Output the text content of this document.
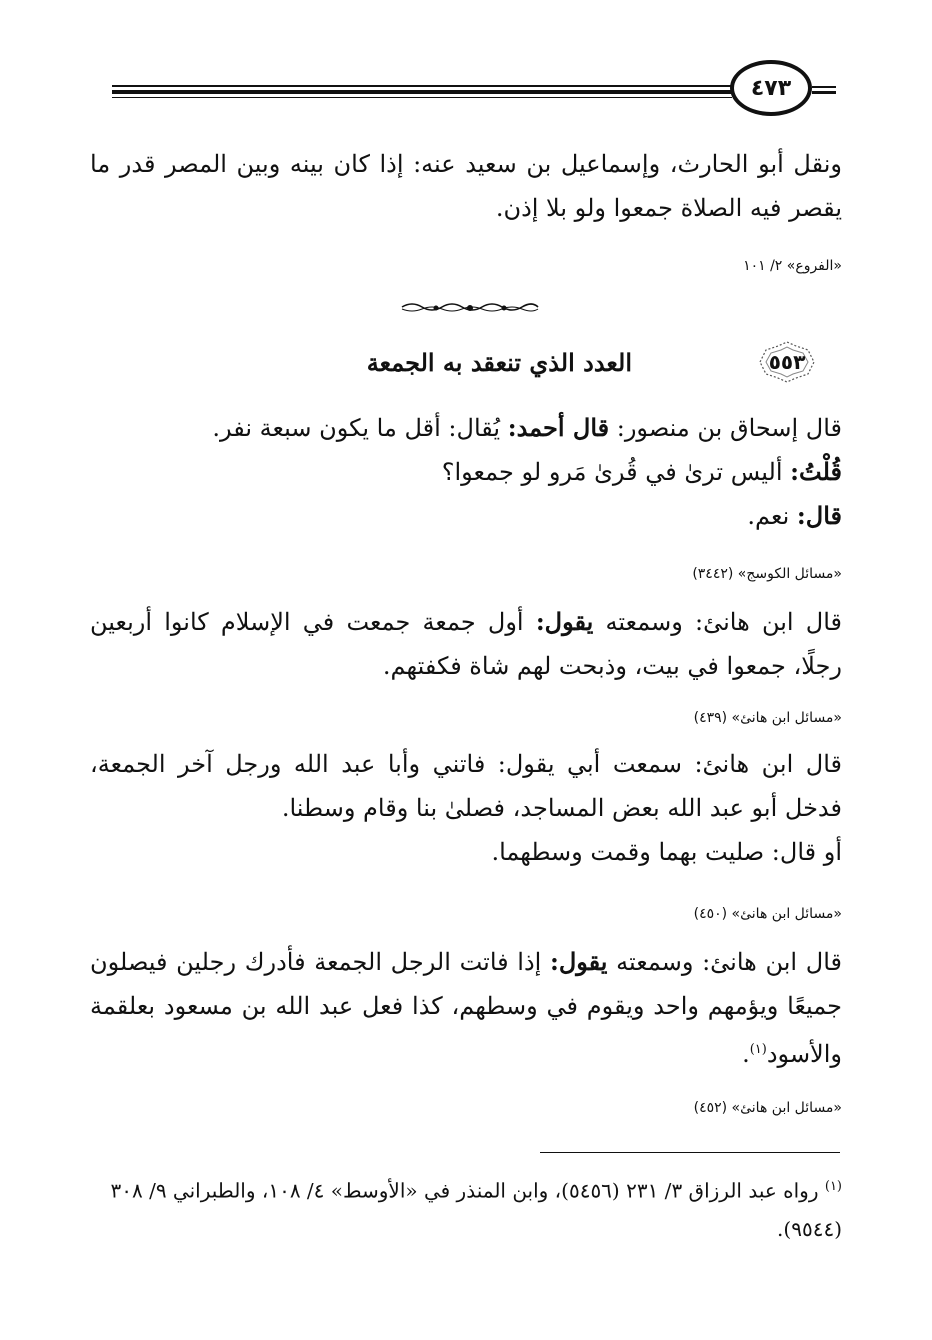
٤٧٣

ونقل أبو الحارث، وإسماعيل بن سعيد عنه: إذا كان بينه وبين المصر قدر ما يقصر فيه الصلاة جمعوا ولو بلا إذن.

«الفروع» ٢/ ١٠١
٥٥٣
العدد الذي تنعقد به الجمعة

قال إسحاق بن منصور: قال أحمد: يُقال: أقل ما يكون سبعة نفر.
قُلْتُ: أليس ترىٰ في قُرىٰ مَرو لو جمعوا؟
قال: نعم.

«مسائل الكوسج» (٣٤٤٢)

قال ابن هانئ: وسمعته يقول: أول جمعة جمعت في الإسلام كانوا أربعين رجلًا، جمعوا في بيت، وذبحت لهم شاة فكفتهم.

«مسائل ابن هانئ» (٤٣٩)

قال ابن هانئ: سمعت أبي يقول: فاتني وأبا عبد الله ورجل آخر الجمعة، فدخل أبو عبد الله بعض المساجد، فصلىٰ بنا وقام وسطنا.
أو قال: صليت بهما وقمت وسطهما.

«مسائل ابن هانئ» (٤٥٠)

قال ابن هانئ: وسمعته يقول: إذا فاتت الرجل الجمعة فأدرك رجلين فيصلون جميعًا ويؤمهم واحد ويقوم في وسطهم، كذا فعل عبد الله بن مسعود بعلقمة والأسود$^{(١)}$.

«مسائل ابن هانئ» (٤٥٢)

$^{(١)}$ رواه عبد الرزاق ٣/ ٢٣١ (٥٤٥٦)، وابن المنذر في «الأوسط» ٤/ ١٠٨، والطبراني ٩/ ٣٠٨ (٩٥٤٤).
